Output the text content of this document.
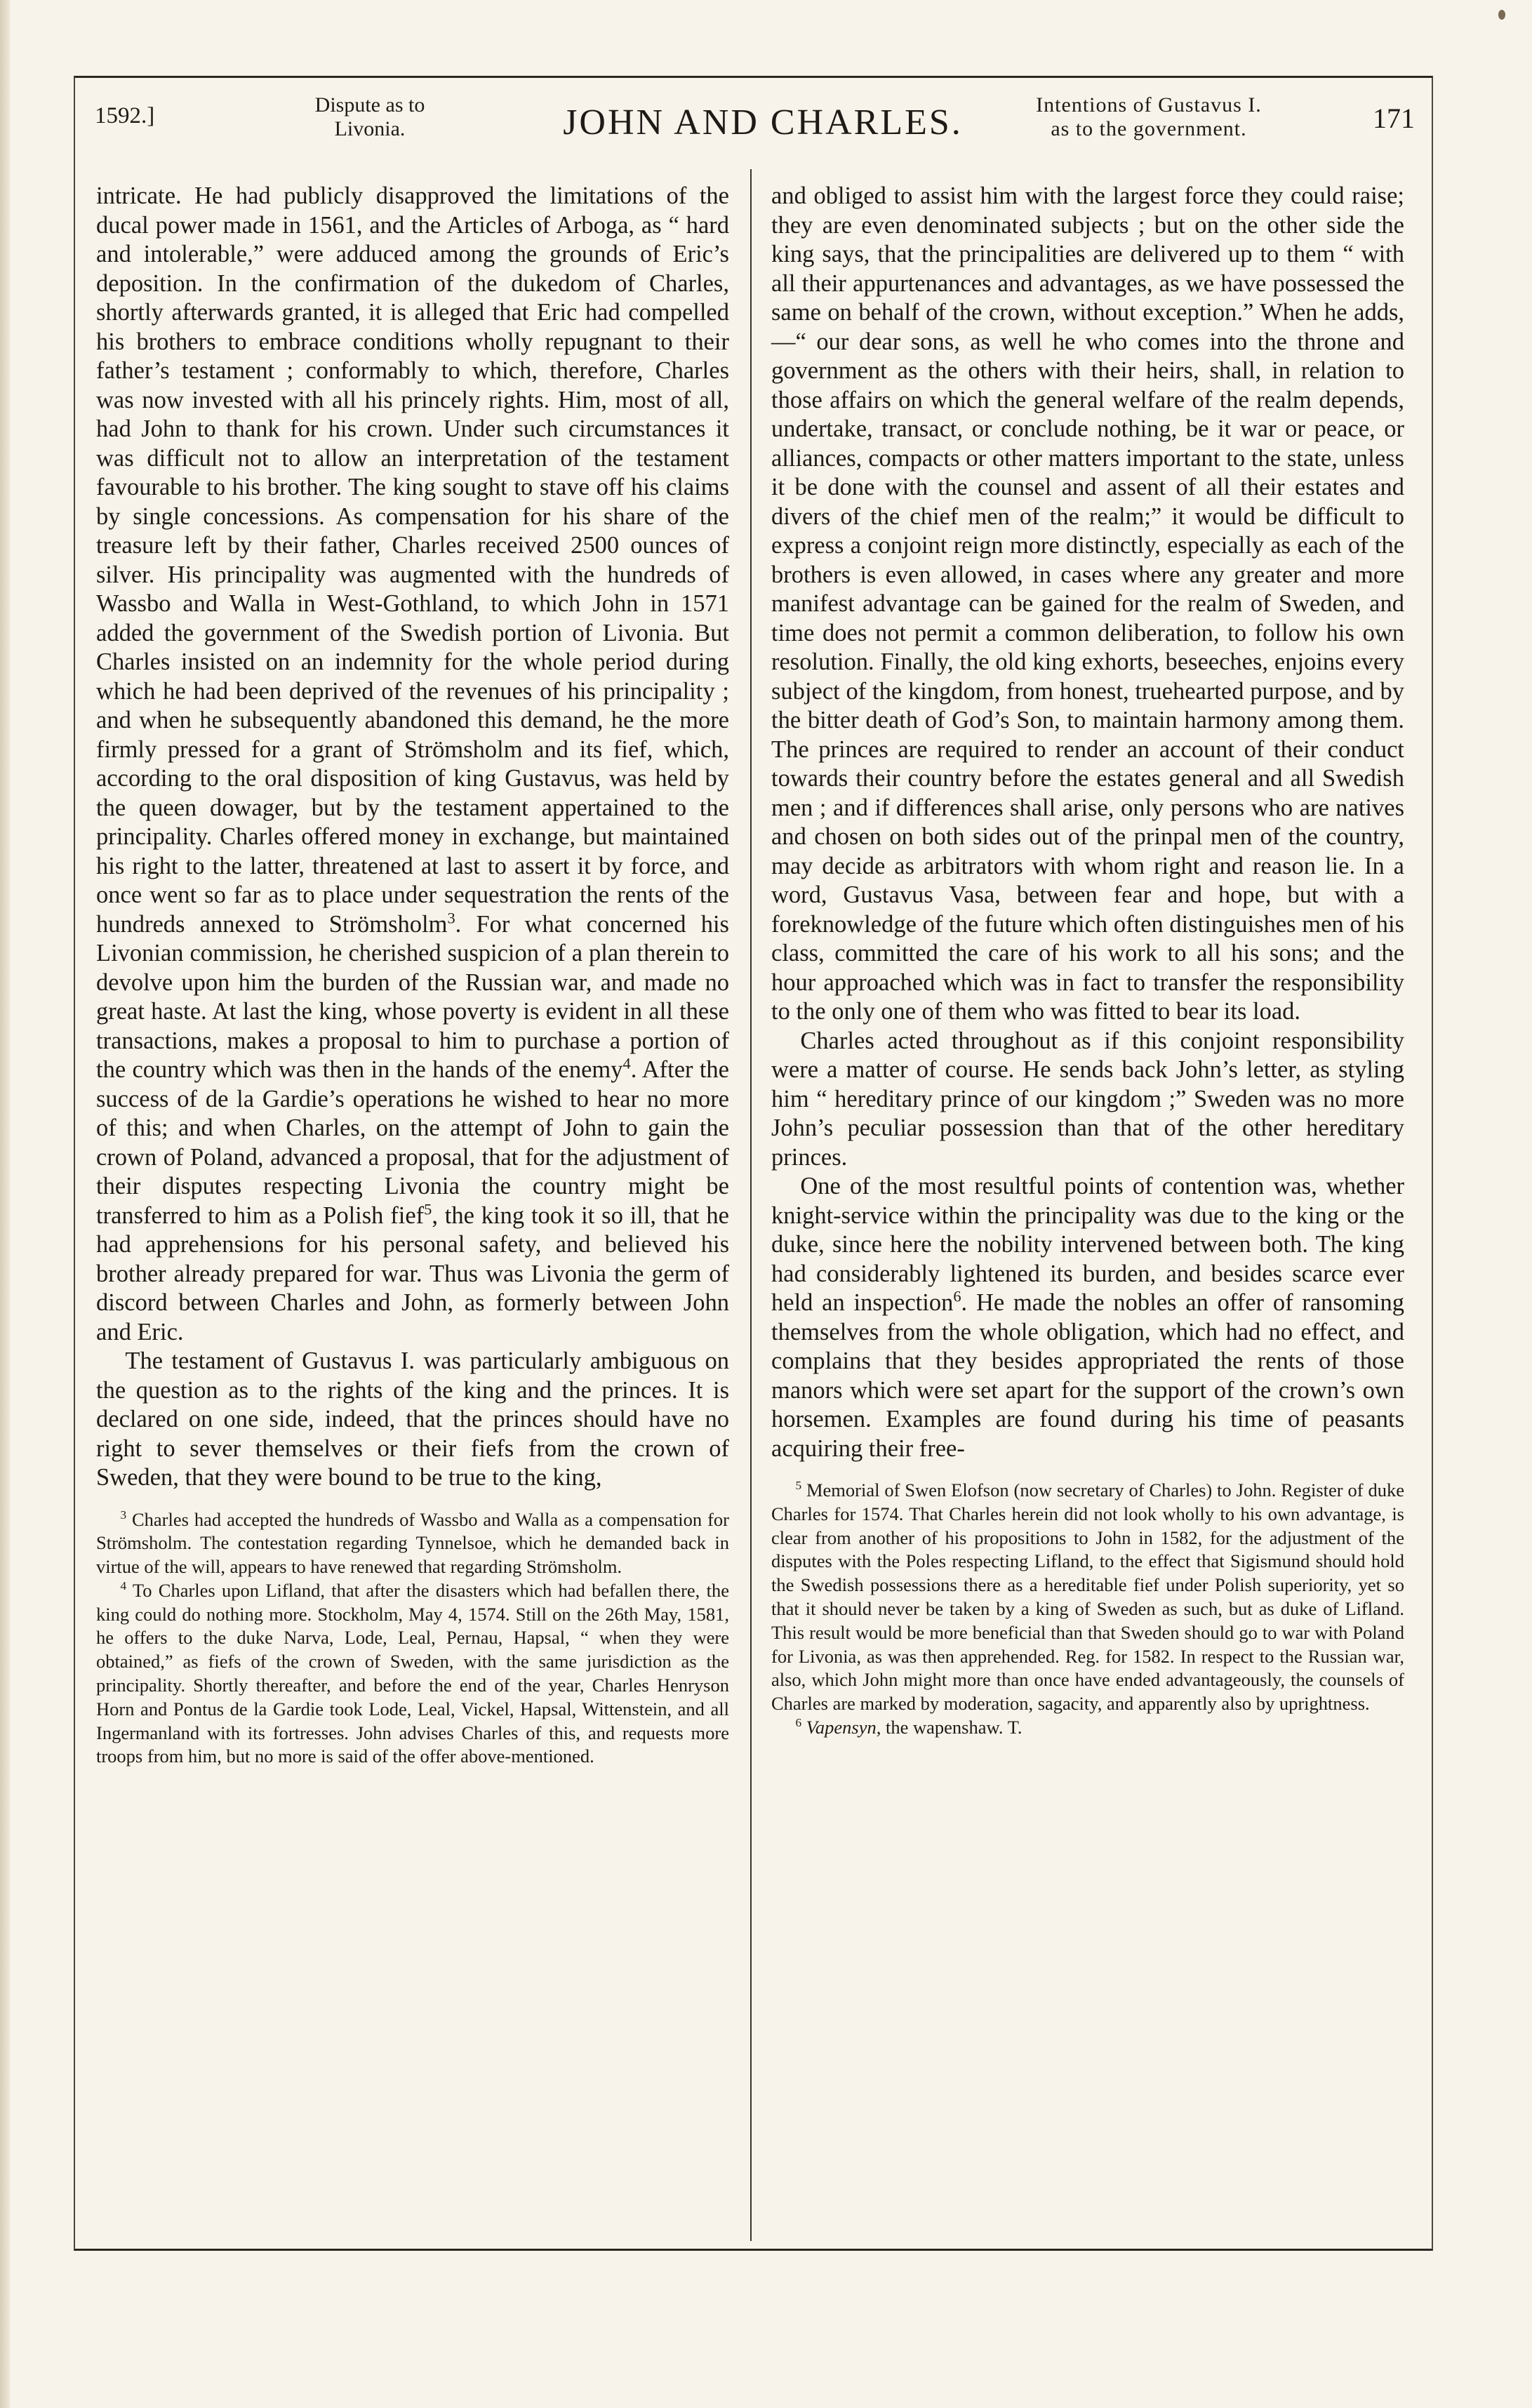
1592.]	Dispute as to
Livonia.	JOHN AND CHARLES.	Intentions of Gustavus I.
as to the government.	171

intricate. He had publicly disapproved the limitations of the ducal power made in 1561, and the Articles of Arboga, as “ hard and intolerable,” were adduced among the grounds of Eric’s deposition. In the confirmation of the dukedom of Charles, shortly afterwards granted, it is alleged that Eric had compelled his brothers to embrace conditions wholly repugnant to their father’s testament ; conformably to which, therefore, Charles was now invested with all his princely rights. Him, most of all, had John to thank for his crown. Under such circumstances it was difficult not to allow an interpretation of the testament favourable to his brother. The king sought to stave off his claims by single concessions. As compensation for his share of the treasure left by their father, Charles received 2500 ounces of silver. His principality was augmented with the hundreds of Wassbo and Walla in West-Gothland, to which John in 1571 added the government of the Swedish portion of Livonia. But Charles insisted on an indemnity for the whole period during which he had been deprived of the revenues of his principality ; and when he subsequently abandoned this demand, he the more firmly pressed for a grant of Strömsholm and its fief, which, according to the oral disposition of king Gustavus, was held by the queen dowager, but by the testament appertained to the principality. Charles offered money in exchange, but maintained his right to the latter, threatened at last to assert it by force, and once went so far as to place under sequestration the rents of the hundreds annexed to Strömsholm$^3$. For what concerned his Livonian commission, he cherished suspicion of a plan therein to devolve upon him the burden of the Russian war, and made no great haste. At last the king, whose poverty is evident in all these transactions, makes a proposal to him to purchase a portion of the country which was then in the hands of the enemy$^4$. After the success of de la Gardie’s operations he wished to hear no more of this; and when Charles, on the attempt of John to gain the crown of Poland, advanced a proposal, that for the adjustment of their disputes respecting Livonia the country might be transferred to him as a Polish fief$^5$, the king took it so ill, that he had apprehensions for his personal safety, and believed his brother already prepared for war. Thus was Livonia the germ of discord between Charles and John, as formerly between John and Eric.

The testament of Gustavus I. was particularly ambiguous on the question as to the rights of the king and the princes. It is declared on one side, indeed, that the princes should have no right to sever themselves or their fiefs from the crown of Sweden, that they were bound to be true to the king,

$^3$ Charles had accepted the hundreds of Wassbo and Walla as a compensation for Strömsholm. The contestation regarding Tynnelsoe, which he demanded back in virtue of the will, appears to have renewed that regarding Strömsholm.

$^4$ To Charles upon Lifland, that after the disasters which had befallen there, the king could do nothing more. Stockholm, May 4, 1574. Still on the 26th May, 1581, he offers to the duke Narva, Lode, Leal, Pernau, Hapsal, “ when they were obtained,” as fiefs of the crown of Sweden, with the same jurisdiction as the principality. Shortly thereafter, and before the end of the year, Charles Henryson Horn and Pontus de la Gardie took Lode, Leal, Vickel, Hapsal, Wittenstein, and all Ingermanland with its fortresses. John advises Charles of this, and requests more troops from him, but no more is said of the offer above-mentioned.

and obliged to assist him with the largest force they could raise; they are even denominated subjects ; but on the other side the king says, that the principalities are delivered up to them “ with all their appurtenances and advantages, as we have possessed the same on behalf of the crown, without exception.” When he adds,—“ our dear sons, as well he who comes into the throne and government as the others with their heirs, shall, in relation to those affairs on which the general welfare of the realm depends, undertake, transact, or conclude nothing, be it war or peace, or alliances, compacts or other matters important to the state, unless it be done with the counsel and assent of all their estates and divers of the chief men of the realm;” it would be difficult to express a conjoint reign more distinctly, especially as each of the brothers is even allowed, in cases where any greater and more manifest advantage can be gained for the realm of Sweden, and time does not permit a common deliberation, to follow his own resolution. Finally, the old king exhorts, beseeches, enjoins every subject of the kingdom, from honest, truehearted purpose, and by the bitter death of God’s Son, to maintain harmony among them. The princes are required to render an account of their conduct towards their country before the estates general and all Swedish men ; and if differences shall arise, only persons who are natives and chosen on both sides out of the prinpal men of the country, may decide as arbitrators with whom right and reason lie. In a word, Gustavus Vasa, between fear and hope, but with a foreknowledge of the future which often distinguishes men of his class, committed the care of his work to all his sons; and the hour approached which was in fact to transfer the responsibility to the only one of them who was fitted to bear its load.

Charles acted throughout as if this conjoint responsibility were a matter of course. He sends back John’s letter, as styling him “ hereditary prince of our kingdom ;” Sweden was no more John’s peculiar possession than that of the other hereditary princes.

One of the most resultful points of contention was, whether knight-service within the principality was due to the king or the duke, since here the nobility intervened between both. The king had considerably lightened its burden, and besides scarce ever held an inspection$^6$. He made the nobles an offer of ransoming themselves from the whole obligation, which had no effect, and complains that they besides appropriated the rents of those manors which were set apart for the support of the crown’s own horsemen. Examples are found during his time of peasants acquiring their free-

$^5$ Memorial of Swen Elofson (now secretary of Charles) to John. Register of duke Charles for 1574. That Charles herein did not look wholly to his own advantage, is clear from another of his propositions to John in 1582, for the adjustment of the disputes with the Poles respecting Lifland, to the effect that Sigismund should hold the Swedish possessions there as a hereditable fief under Polish superiority, yet so that it should never be taken by a king of Sweden as such, but as duke of Lifland. This result would be more beneficial than that Sweden should go to war with Poland for Livonia, as was then apprehended. Reg. for 1582. In respect to the Russian war, also, which John might more than once have ended advantageously, the counsels of Charles are marked by moderation, sagacity, and apparently also by uprightness.

$^6$ Vapensyn, the wapenshaw. T.
